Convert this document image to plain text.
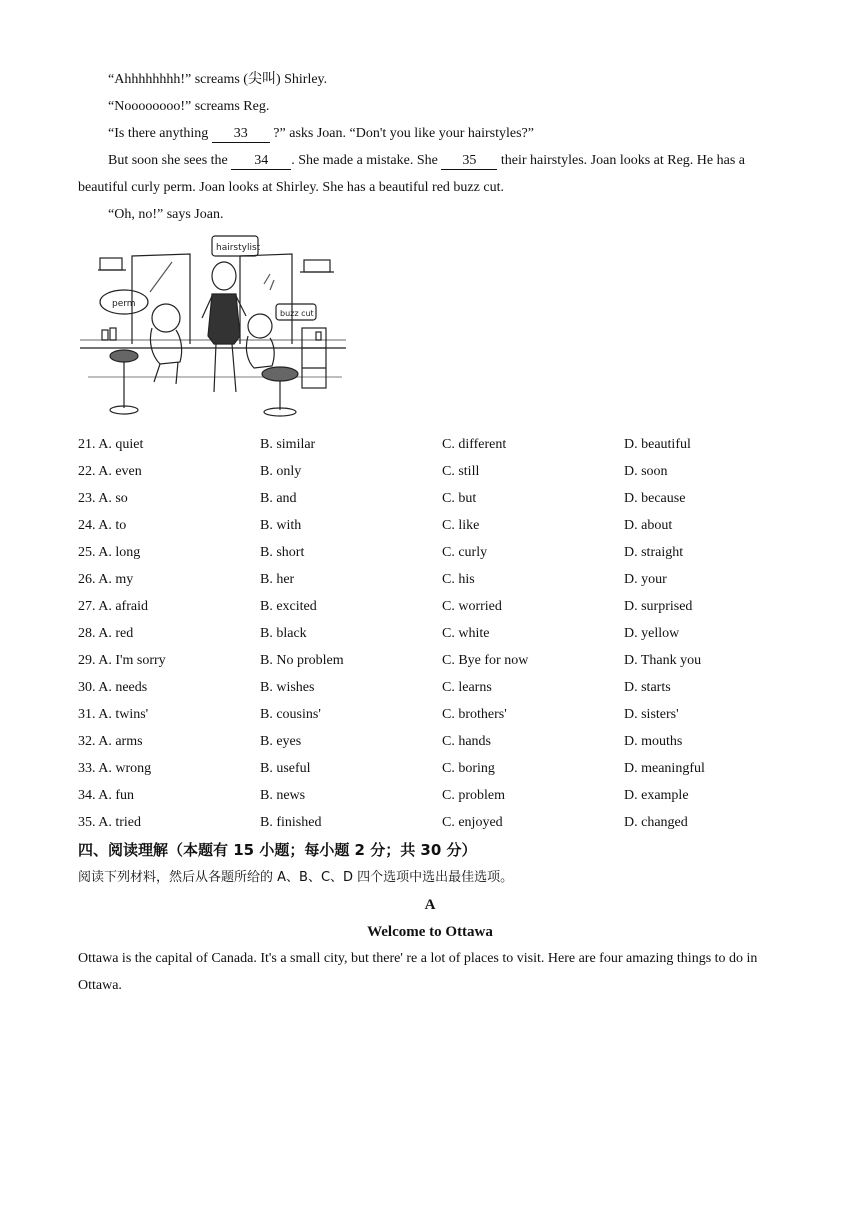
“Ahhhhhhhh!” screams (尖叫) Shirley.

“Noooooooo!” screams Reg.

“Is there anything 33 ?” asks Joan. “Don't you like your hairstyles?”

But soon she sees the 34 . She made a mistake. She 35 their hairstyles. Joan looks at Reg. He has a beautiful curly perm. Joan looks at Shirley. She has a beautiful red buzz cut.

“Oh, no!” says Joan.

hairstylist
perm
buzz cut
21. A. quiet	B. similar	C. different	D. beautiful
22. A. even	B. only	C. still	D. soon
23. A. so	B. and	C. but	D. because
24. A. to	B. with	C. like	D. about
25. A. long	B. short	C. curly	D. straight
26. A. my	B. her	C. his	D. your
27. A. afraid	B. excited	C. worried	D. surprised
28. A. red	B. black	C. white	D. yellow
29. A. I'm sorry	B. No problem	C. Bye for now	D. Thank you
30. A. needs	B. wishes	C. learns	D. starts
31. A. twins'	B. cousins'	C. brothers'	D. sisters'
32. A. arms	B. eyes	C. hands	D. mouths
33. A. wrong	B. useful	C. boring	D. meaningful
34. A. fun	B. news	C. problem	D. example
35. A. tried	B. finished	C. enjoyed	D. changed
四、阅读理解（本题有 15 小题；每小题 2 分；共 30 分）
阅读下列材料，然后从各题所给的 A、B、C、D 四个选项中选出最佳选项。
A
Welcome to Ottawa

Ottawa is the capital of Canada. It's a small city, but there' re a lot of places to visit. Here are four amazing things to do in Ottawa.
